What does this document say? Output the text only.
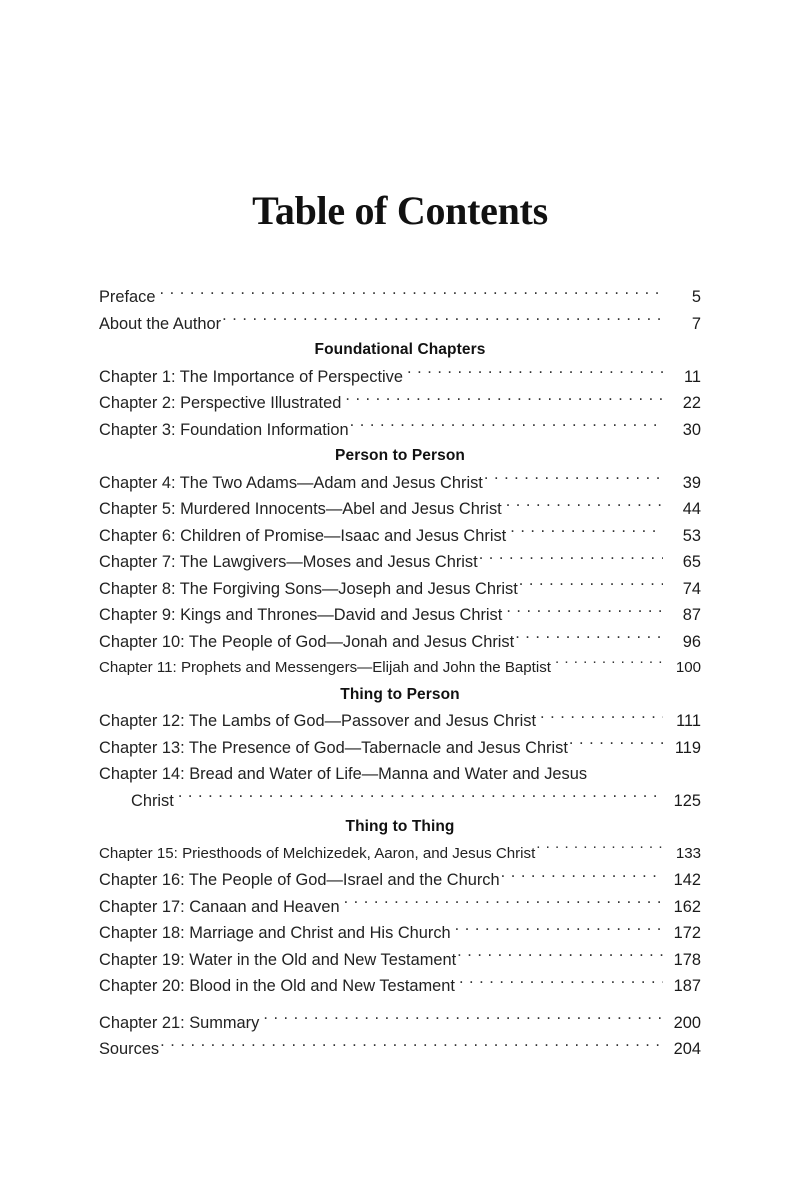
Table of Contents
Preface . . .	5
About the Author . . .	7
Foundational Chapters
Chapter 1: The Importance of Perspective . . .	11
Chapter 2: Perspective Illustrated . . .	22
Chapter 3: Foundation Information . . .	30
Person to Person
Chapter 4: The Two Adams—Adam and Jesus Christ . . .	39
Chapter 5: Murdered Innocents—Abel and Jesus Christ . . .	44
Chapter 6: Children of Promise—Isaac and Jesus Christ . . .	53
Chapter 7: The Lawgivers—Moses and Jesus Christ . . .	65
Chapter 8: The Forgiving Sons—Joseph and Jesus Christ . . .	74
Chapter 9: Kings and Thrones—David and Jesus Christ . . .	87
Chapter 10: The People of God—Jonah and Jesus Christ . . .	96
Chapter 11: Prophets and Messengers—Elijah and John the Baptist . . .	100
Thing to Person
Chapter 12: The Lambs of God—Passover and Jesus Christ . . .	111
Chapter 13: The Presence of God—Tabernacle and Jesus Christ . . .	119
Chapter 14: Bread and Water of Life—Manna and Water and Jesus
Christ . . .	125
Thing to Thing
Chapter 15: Priesthoods of Melchizedek, Aaron, and Jesus Christ . . .	133
Chapter 16: The People of God—Israel and the Church . . .	142
Chapter 17: Canaan and Heaven . . .	162
Chapter 18: Marriage and Christ and His Church . . .	172
Chapter 19: Water in the Old and New Testament . . .	178
Chapter 20: Blood in the Old and New Testament . . .	187
Chapter 21: Summary . . .	200
Sources . . .	204
